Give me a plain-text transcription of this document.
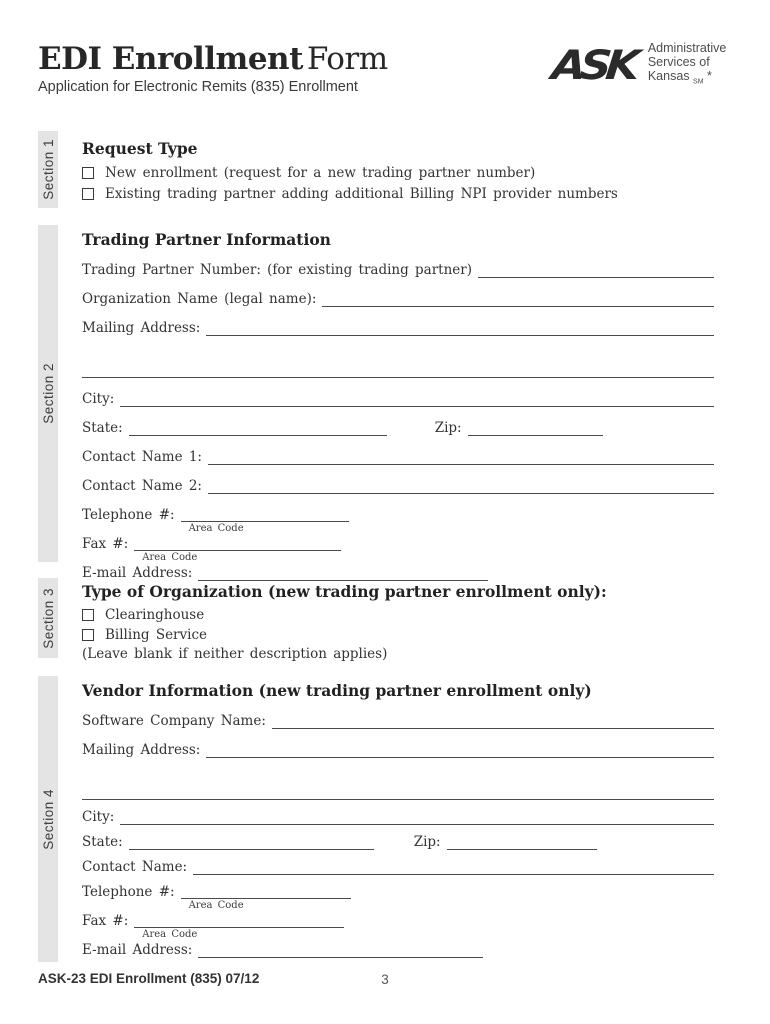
EDI Enrollment Form
Application for Electronic Remits (835) Enrollment	ASK Administrative
Services of
Kansas $_{SM}$ *
Section 1 Request Type
New enrollment (request for a new trading partner number)
Existing trading partner adding additional Billing NPI provider numbers
Section 2
Trading Partner Information
Trading Partner Number: (for existing trading partner)
Organization Name (legal name):
Mailing Address:
City:
State:	Zip:
Contact Name 1:
Contact Name 2:
Telephone #:
Area Code
Fax #:
Area Code
E-mail Address:
Section 3 Type of Organization (new trading partner enrollment only):
Clearinghouse
Billing Service
(Leave blank if neither description applies)
Section 4
Vendor Information (new trading partner enrollment only)
Software Company Name:
Mailing Address:
City:
State:	Zip:
Contact Name:
Telephone #:
Area Code
Fax #:
Area Code
E-mail Address:
ASK-23 EDI Enrollment (835) 07/12	3
